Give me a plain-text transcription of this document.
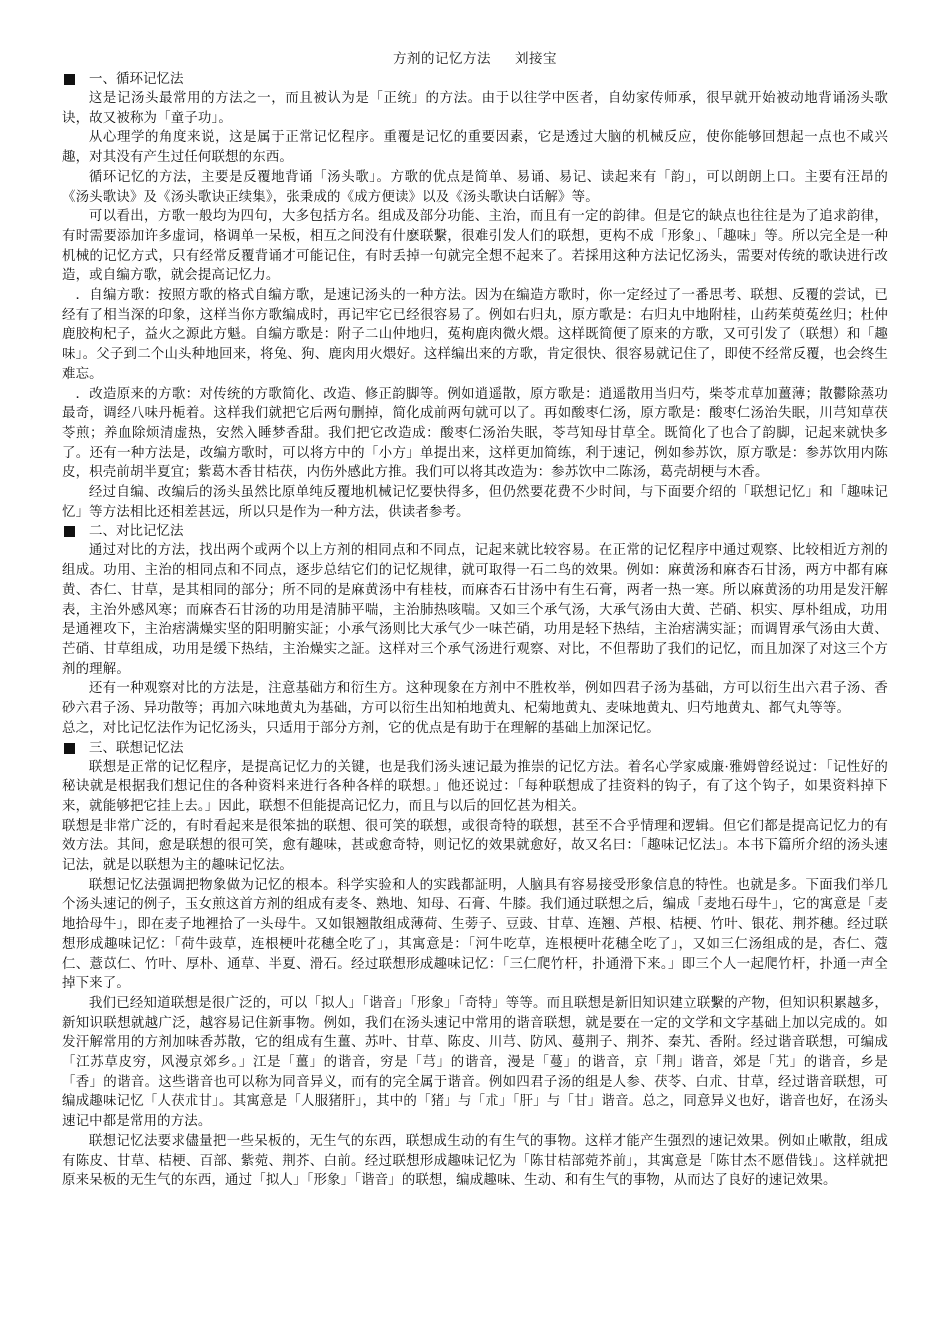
方剂的记忆方法 刘接宝
一、循环记忆法

这是记汤头最常用的方法之一，而且被认为是「正统」的方法。由于以往学中医者，自幼家传师承，很早就开始被动地背诵汤头歌诀，故又被称为「童子功」。

从心理学的角度来说，这是属于正常记忆程序。重覆是记忆的重要因素，它是透过大脑的机械反应，使你能够回想起一点也不咸兴趣，对其没有产生过任何联想的东西。

循环记忆的方法，主要是反覆地背诵「汤头歌」。方歌的优点是简单、易诵、易记、读起来有「韵」，可以朗朗上口。主要有汪昂的《汤头歌诀》及《汤头歌诀正续集》，张秉成的《成方便读》以及《汤头歌诀白话解》等。

可以看出，方歌一般均为四句，大多包括方名。组成及部分功能、主治，而且有一定的韵律。但是它的缺点也往往是为了追求韵律，有时需要添加许多虚词，格调单一呆板，相互之间没有什麽联繫，很难引发人们的联想，更构不成「形象」、「趣味」等。所以完全是一种机械的记忆方式，只有经常反覆背诵才可能记住，有时丢掉一句就完全想不起来了。若採用这种方法记忆汤头，需要对传统的歌诀进行改造，或自编方歌，就会提高记忆力。

．自编方歌：按照方歌的格式自编方歌，是速记汤头的一种方法。因为在编造方歌时，你一定经过了一番思考、联想、反覆的尝试，已经有了相当深的印象，这样当你方歌编成时，再记牢它已经很容易了。例如右归丸，原方歌是：右归丸中地附桂，山药茱萸菟丝归；杜仲鹿胶枸杞子，益火之源此方魁。自编方歌是：附子二山仲地归，菟枸鹿肉微火煨。这样既简便了原来的方歌，又可引发了（联想）和「趣味」。父子到二个山头种地回来，将兔、狗、鹿肉用火煨好。这样编出来的方歌，肯定很快、很容易就记住了，即使不经常反覆，也会终生难忘。

．改造原来的方歌：对传统的方歌简化、改造、修正韵脚等。例如逍遥散，原方歌是：逍遥散用当归芍，柴苓朮草加薑薄；散鬱除蒸功最奇，调经八味丹栀着。这样我们就把它后两句删掉，简化成前两句就可以了。再如酸枣仁汤，原方歌是：酸枣仁汤治失眠，川芎知草茯苓煎；养血除烦清虚热，安然入睡梦香甜。我们把它改造成：酸枣仁汤治失眠，苓芎知母甘草全。既简化了也合了韵脚，记起来就快多了。还有一种方法是，改编方歌时，可以将方中的「小方」单提出来，这样更加简练，利于速记，例如参苏饮，原方歌是：参苏饮用内陈皮，枳壳前胡半夏宜；紫葛木香甘桔茯，内伤外感此方推。我们可以将其改造为：参苏饮中二陈汤，葛壳胡梗与木香。

经过自编、改编后的汤头虽然比原单纯反覆地机械记忆要快得多，但仍然要花费不少时间，与下面要介绍的「联想记忆」和「趣味记忆」等方法相比还相差甚远，所以只是作为一种方法，供读者参考。

二、对比记忆法

通过对比的方法，找出两个或两个以上方剂的相同点和不同点，记起来就比较容易。在正常的记忆程序中通过观察、比较相近方剂的组成。功用、主治的相同点和不同点，逐步总结它们的记忆规律，就可取得一石二鸟的效果。例如：麻黄汤和麻杏石甘汤，两方中都有麻黄、杏仁、甘草，是其相同的部分；所不同的是麻黄汤中有桂枝，而麻杏石甘汤中有生石膏，两者一热一寒。所以麻黄汤的功用是发汗解表，主治外感风寒；而麻杏石甘汤的功用是清肺平喘，主治肺热咳喘。又如三个承气汤，大承气汤由大黄、芒硝、枳实、厚朴组成，功用是通裡攻下，主治痞满燥实坚的阳明腑实証；小承气汤则比大承气少一味芒硝，功用是轻下热结，主治痞满实証；而调胃承气汤由大黄、芒硝、甘草组成，功用是缓下热结，主治燥实之証。这样对三个承气汤进行观察、对比，不但帮助了我们的记忆，而且加深了对这三个方剂的理解。

还有一种观察对比的方法是，注意基础方和衍生方。这种现象在方剂中不胜枚举，例如四君子汤为基础，方可以衍生出六君子汤、香砂六君子汤、异功散等；再加六味地黄丸为基础，方可以衍生出知柏地黄丸、杞菊地黄丸、麦味地黄丸、归芍地黄丸、都气丸等等。

总之，对比记忆法作为记忆汤头，只适用于部分方剂，它的优点是有助于在理解的基础上加深记忆。

三、联想记忆法

联想是正常的记忆程序，是提高记忆力的关键，也是我们汤头速记最为推崇的记忆方法。着名心学家威廉·雅姆曾经说过：「记性好的秘诀就是根据我们想记住的各种资料来进行各种各样的联想。」他还说过：「每种联想成了挂资料的钩子，有了这个钩子，如果资料掉下来，就能够把它挂上去。」因此，联想不但能提高记忆力，而且与以后的回忆甚为相关。

联想是非常广泛的，有时看起来是很笨拙的联想、很可笑的联想，或很奇特的联想，甚至不合乎情理和逻辑。但它们都是提高记忆力的有效方法。其间，愈是联想的很可笑，愈有趣味，甚或愈奇特，则记忆的效果就愈好，故又名曰：「趣味记忆法」。本书下篇所介绍的汤头速记法，就是以联想为主的趣味记忆法。

联想记忆法强调把物象做为记忆的根本。科学实验和人的实践都証明，人脑具有容易接受形象信息的特性。也就是多。下面我们举几个汤头速记的例子，玉女煎这首方剂的组成有麦冬、熟地、知母、石膏、牛膝。我们通过联想之后，编成「麦地石母牛」，它的寓意是「麦地拾母牛」，即在麦子地裡拾了一头母牛。又如银翘散组成薄荷、生蒡子、豆豉、甘草、连翘、芦根、桔梗、竹叶、银花、荆芥穗。经过联想形成趣味记忆：「荷牛豉草，连根梗叶花穗全吃了」，其寓意是：「河牛吃草，连根梗叶花穗全吃了」，又如三仁汤组成的是，杏仁、蔻仁、薏苡仁、竹叶、厚朴、通草、半夏、滑石。经过联想形成趣味记忆：「三仁爬竹杆，扑通滑下来。」即三个人一起爬竹杆，扑通一声全掉下来了。

我们已经知道联想是很广泛的，可以「拟人」「谐音」「形象」「奇特」等等。而且联想是新旧知识建立联繫的产物，但知识积累越多，新知识联想就越广泛，越容易记住新事物。例如，我们在汤头速记中常用的谐音联想，就是要在一定的文学和文字基础上加以完成的。如发汗解常用的方剂加味香苏散，它的组成有生薑、苏叶、甘草、陈皮、川芎、防风、蔓荆子、荆芥、秦艽、香附。经过谐音联想，可编成「江苏草皮穷，风漫京郊乡。」江是「薑」的谐音，穷是「芎」的谐音，漫是「蔓」的谐音，京「荆」谐音，郊是「艽」的谐音，乡是「香」的谐音。这些谐音也可以称为同音异义，而有的完全属于谐音。例如四君子汤的组是人参、茯苓、白朮、甘草，经过谐音联想，可编成趣味记忆「人茯朮甘」。其寓意是「人服猪肝」，其中的「猪」与「朮」「肝」与「甘」谐音。总之，同意异义也好，谐音也好，在汤头速记中都是常用的方法。

联想记忆法要求儘量把一些呆板的，无生气的东西，联想成生动的有生气的事物。这样才能产生强烈的速记效果。例如止嗽散，组成有陈皮、甘草、桔梗、百部、紫菀、荆芥、白前。经过联想形成趣味记忆为「陈甘桔部菀芥前」，其寓意是「陈甘杰不愿借钱」。这样就把原来呆板的无生气的东西，通过「拟人」「形象」「谐音」的联想，编成趣味、生动、和有生气的事物，从而达了良好的速记效果。
